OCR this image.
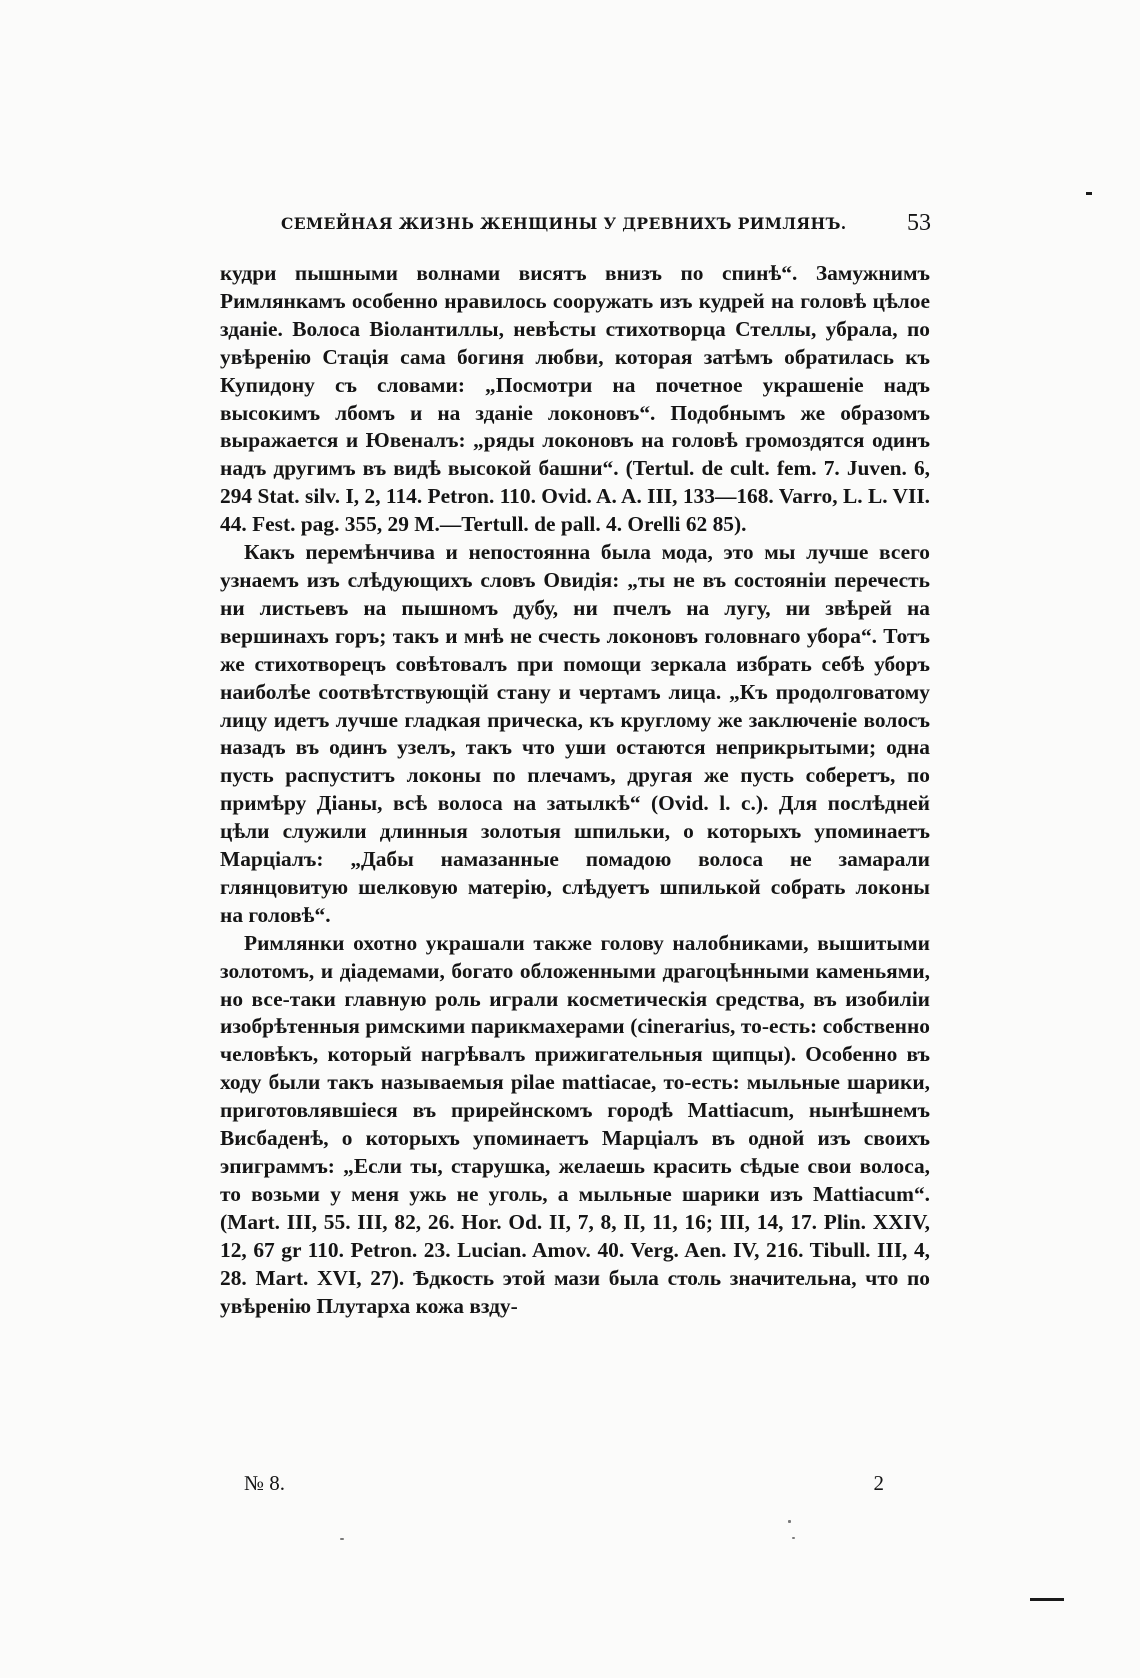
СЕМЕЙНАЯ ЖИЗНЬ ЖЕНЩИНЫ У ДРЕВНИХЪ РИМЛЯНЪ.	53

кудри пышными волнами висятъ внизъ по спинѣ“. Замужнимъ Римлянкамъ особенно нравилось сооружать изъ кудрей на головѣ цѣлое зданіе. Волоса Віолантиллы, невѣсты стихотворца Стеллы, убрала, по увѣренію Стація сама богиня любви, которая затѣмъ обратилась къ Купидону съ словами: „Посмотри на почетное украшеніе надъ высокимъ лбомъ и на зданіе локоновъ“. Подобнымъ же образомъ выражается и Ювеналъ: „ряды локоновъ на головѣ громоздятся одинъ надъ другимъ въ видѣ высокой башни“. (Tertul. de cult. fem. 7. Juven. 6, 294 Stat. silv. I, 2, 114. Petron. 110. Ovid. A. A. III, 133—168. Varro, L. L. VII. 44. Fest. pag. 355, 29 M.—Tertull. de pall. 4. Orelli 62 85).

Какъ перемѣнчива и непостоянна была мода, это мы лучше всего узнаемъ изъ слѣдующихъ словъ Овидія: „ты не въ состояніи перечесть ни листьевъ на пышномъ дубу, ни пчелъ на лугу, ни звѣрей на вершинахъ горъ; такъ и мнѣ не счесть локоновъ головнаго убора“. Тотъ же стихотворецъ совѣтовалъ при помощи зеркала избрать себѣ уборъ наиболѣе соотвѣтствующій стану и чертамъ лица. „Къ продолговатому лицу идетъ лучше гладкая прическа, къ круглому же заключеніе волосъ назадъ въ одинъ узелъ, такъ что уши остаются неприкрытыми; одна пусть распуститъ локоны по плечамъ, другая же пусть соберетъ, по примѣру Діаны, всѣ волоса на затылкѣ“ (Ovid. l. c.). Для послѣдней цѣли служили длинныя золотыя шпильки, о которыхъ упоминаетъ Марціалъ: „Дабы намазанные помадою волоса не замарали глянцовитую шелковую матерію, слѣдуетъ шпилькой собрать локоны на головѣ“.

Римлянки охотно украшали также голову налобниками, вышитыми золотомъ, и діадемами, богато обложенными драгоцѣнными каменьями, но все-таки главную роль играли косметическія средства, въ изобиліи изобрѣтенныя римскими парикмахерами (cinerarius, то-есть: собственно человѣкъ, который нагрѣвалъ прижигательныя щипцы). Особенно въ ходу были такъ называемыя pilae mattiacae, то-есть: мыльные шарики, приготовлявшіеся въ прирейнскомъ городѣ Mattiacum, нынѣшнемъ Висбаденѣ, о которыхъ упоминаетъ Марціалъ въ одной изъ своихъ эпиграммъ: „Если ты, старушка, желаешь красить сѣдые свои волоса, то возьми у меня ужь не уголь, а мыльные шарики изъ Mattiacum“. (Mart. III, 55. III, 82, 26. Hor. Od. II, 7, 8, II, 11, 16; III, 14, 17. Plin. XXIV, 12, 67 gr 110. Petron. 23. Lucian. Amov. 40. Verg. Aen. IV, 216. Tibull. III, 4, 28. Mart. XVI, 27). Ѣдкость этой мази была столь значительна, что по увѣренію Плутарха кожа взду-

№ 8.	2
